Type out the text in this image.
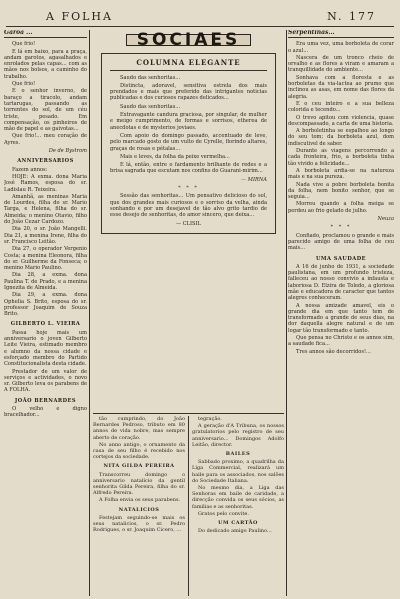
A FOLHA	N. 177
Garôa ...

Que frio!

E lá em baixo, para a praça, andam garotos, agasalhados e enrolados pelas capas... com as mãos nos bolsos, a caminho do trabalho.

Que frio!

E o senhor inverno, de baraço a tiracolo, andam tartarugas, passando as torrentes do sol, de um céu triste, pesado. Em compensação, os pinheiros de mão de papel e as gaivotas...

Que frio!... meu coração de Ayres.

De de Bystrom
ANNIVERSARIOS

Fazem annos:

HOJE: A exma. dona Maria José Ramos, esposa do sr. Ladislau R. Teixeira.

Amanhã, as meninas Maria de Lourdes, filha do sr. Mario Targa, e Helena, filha do sr. Almeida; o menino Otavio, filho do João Cezar Cardozo.

Dia 20, o sr. João Mangelli. Dia 21, a menina Irene, filha do sr. Francisco Leitão.

Dia 27, o operador Vergenio Costa; a menina Eleonora, filha do sr. Guilherme da Fonseca; o menino Mario Paulino.

Dia 28, a exma. dona Paulina T. de Prado, e a menina Ignezita de Almeida.

Dia 29, a exma. dona Ophelia S. Brito, esposa do sr. professor Joaquim de Souza Brito.

GILBERTO L. VIEIRA

Passa hoje mais um anniversario o joven Gilberto Leite Vieira, estimado membro e alumno da nossa cidade e esforçado membro do Partido Constitucionalista desta cidade.

Prestador de um valor de serviços e actividades, o novo sr. Gilberto leva os parabens de A FOLHA.

JOÃO BERNARDES

O velho e digno bracelhador...

SOCIAES
COLUMNA ELEGANTE

Saudo das senhoritas...

Distincta, adoravel, sensitiva estrela dos mais prendados e mais que preferido das intrigantes noticias publicadas e dos curiosos rapazes delicados...

Saudo das senhoritas...

Extravagante candura graciosa, por singular, de mulher e meigo cumprimento, de formas e sorrisos, etherea de anecdotas e de mysterios joviaes.

Com apoio do domingo passado, accentuado de leve, pelo marcado gosto de um vulto de Cyrelle, florindo altares, graças de rosas e pétalas...

Mais e leves, da folha da peixe vermelha...

E lá, então, entre o fardamento brilhante de redes e a brisa sagrada que escutam nos confins do Guarani-mirim...

— MIRNA
* * *

Sessão das senhoritas... Um pensativo delicioso do sol, que dos grandes mais curiosos e o sorriso da velha, ainda sonhando e por um desejavel de tão alvo grito tardio de esse desejo de senhoritas, do amor sincero, que deixa...

— CLISIL

tão cumprindo, do João Bernardes Pedroso, tributo em 80 annos de vida nobre, mas sempre aberto de coração.

No anno antigo, o ornamento da casa de seu filho é recebido nos cortejos da sociedade.

NITA GILDA PEREIRA

Transcorreu domingo o anniversario natalício da gentil senhorita Gilda Pereira, filha do sr. Alfredo Pereira.

A Folha envia os seus parabens.

NATALICIOS

Festejam seguindo-se mais os seus natalicios, o sr. Pedro Rodrigues, o sr. Joaquim Cicero, ...

tegração.

A geração d'A Tribuna, os nossos gratulatorios pelo registro de seu anniversario... Domingos Adolfo Leitão, director.

BAILES

Sabbado proximo, a quadrilha da Liga Commercial, realizará um baile para os associados, nos salões do Sociedade Italiana.

No mesmo dia, a Liga das Senhoras em baile de caridade, a direcção convida os seus sócios, as familias e as senhoritas.

Gratos pelo convite.

UM CARTÃO

Do dedicado amigo Paulino...

Serpentinas...

Era uma vez, uma borboleta de corar o azul...

Nascera de um tronco cheio de orvalho e as flores a viram e amaram a tranquillidade do ambiente...

Sonhava com a floresta e as borboletas da via-lactea ao prumo que inclinou as asas, em nome das flores da alegria.

E o ceu inteiro e a sua belleza colorida e tecendo...

O trevo apitou com violencia, quase descompassado, a carta de uma historia.

A borboletinha se espalhou ao longo do seu tom; da borboleta azul, dom indiscutivel de saber.

Durante as viagens percorrendo a cada fronteira, frio, a borboleta tinha tão vivido a felicidade...

A borboleta ardia-se na natureza mais e na sua pureza.

Nada vive a pobre borboleta bonita da folha, nem bonito senhor, que se seguia...

Morreu quando a folha meiga se perdeu ao frio gelado de julho.

Neuza
* * *

Confiado, proclamou o grande e mais parecido amigo de uma folha de ceu mais...

UMA SAUDADE

A 16 de junho de 1931, a sociedade paulistana, em um profundo tristeza, falleceu ao nosso convivio a infausta e laboriosa D. Elzira de Toledo, a gloriosa mãe e educadora de caracter que tantos alegres conheceram.

A nossa amizade amavel, eis o grande dia em que tanto tem de transformado a grande de seus dias, na dor daquella alegre natural e de um logar tão transformado e tanto.

Que pensa no Christo e os annos sim, a saudade fica...

Tres annos são decorridos!...
